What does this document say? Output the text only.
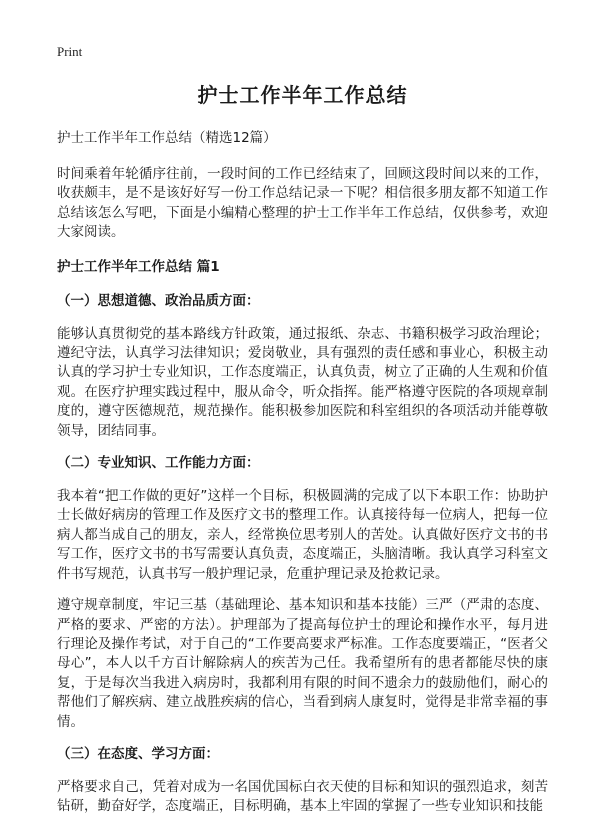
Print
护士工作半年工作总结
护士工作半年工作总结（精选12篇）

时间乘着年轮循序往前，一段时间的工作已经结束了，回顾这段时间以来的工作，收获颇丰，是不是该好好写一份工作总结记录一下呢？相信很多朋友都不知道工作总结该怎么写吧，下面是小编精心整理的护士工作半年工作总结，仅供参考，欢迎大家阅读。

护士工作半年工作总结 篇1
（一）思想道德、政治品质方面：

能够认真贯彻党的基本路线方针政策，通过报纸、杂志、书籍积极学习政治理论；遵纪守法，认真学习法律知识；爱岗敬业，具有强烈的责任感和事业心，积极主动认真的学习护士专业知识，工作态度端正，认真负责，树立了正确的人生观和价值观。在医疗护理实践过程中，服从命令，听众指挥。能严格遵守医院的各项规章制度的，遵守医德规范，规范操作。能积极参加医院和科室组织的各项活动并能尊敬领导，团结同事。

（二）专业知识、工作能力方面：

我本着“把工作做的更好”这样一个目标，积极圆满的完成了以下本职工作：协助护士长做好病房的管理工作及医疗文书的整理工作。认真接待每一位病人，把每一位病人都当成自己的朋友，亲人，经常换位思考别人的苦处。认真做好医疗文书的书写工作，医疗文书的书写需要认真负责，态度端正，头脑清晰。我认真学习科室文件书写规范，认真书写一般护理记录，危重护理记录及抢救记录。

遵守规章制度，牢记三基（基础理论、基本知识和基本技能）三严（严肃的态度、严格的要求、严密的方法）。护理部为了提高每位护士的理论和操作水平，每月进行理论及操作考试，对于自己的“工作要高要求严标准。工作态度要端正，“医者父母心”，本人以千方百计解除病人的疾苦为己任。我希望所有的患者都能尽快的康复，于是每次当我进入病房时，我都利用有限的时间不遗余力的鼓励他们，耐心的帮他们了解疾病、建立战胜疾病的信心，当看到病人康复时，觉得是非常幸福的事情。

（三）在态度、学习方面：

严格要求自己，凭着对成为一名国优国标白衣天使的目标和知识的强烈追求，刻苦钻研，勤奋好学，态度端正，目标明确，基本上牢固的掌握了一些专业知识和技能
